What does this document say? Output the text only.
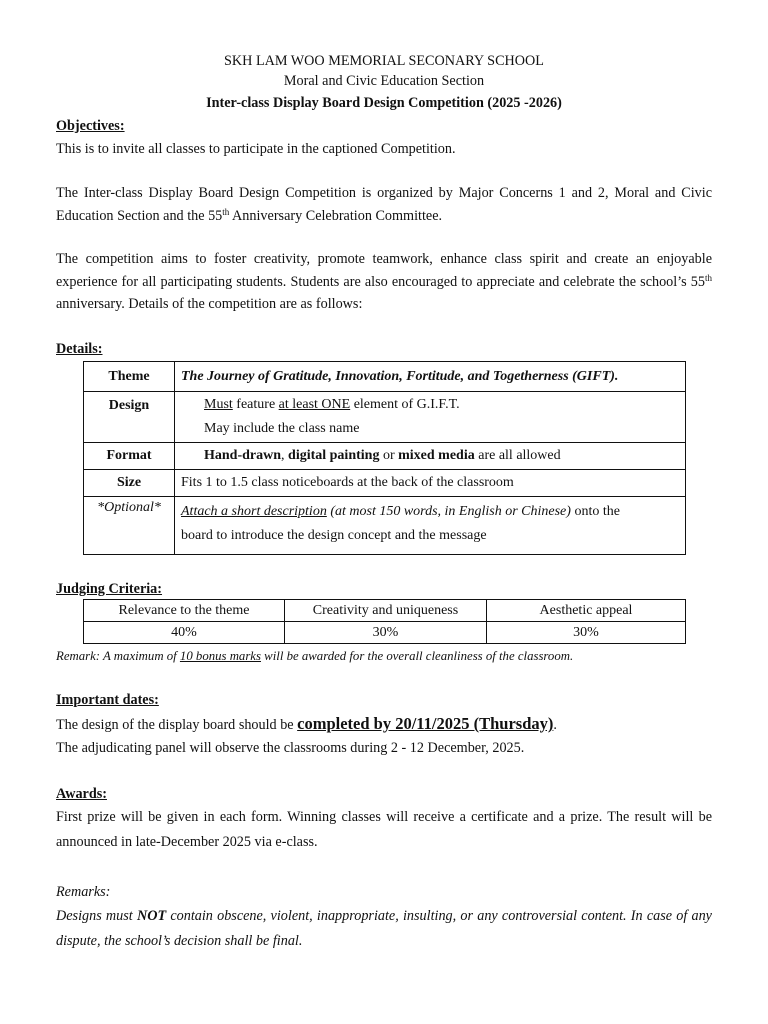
SKH LAM WOO MEMORIAL SECONARY SCHOOL
Moral and Civic Education Section
Inter-class Display Board Design Competition (2025 -2026)
Objectives:
This is to invite all classes to participate in the captioned Competition.
The Inter-class Display Board Design Competition is organized by Major Concerns 1 and 2, Moral and Civic Education Section and the 55th Anniversary Celebration Committee.
The competition aims to foster creativity, promote teamwork, enhance class spirit and create an enjoyable experience for all participating students. Students are also encouraged to appreciate and celebrate the school’s 55th anniversary. Details of the competition are as follows:
Details:
Theme	The Journey of Gratitude, Innovation, Fortitude, and Togetherness (GIFT).
Design	Must feature at least ONE element of G.I.F.T.
May include the class name

Format	Hand-drawn, digital painting or mixed media are all allowed
Size	Fits 1 to 1.5 class noticeboards at the back of the classroom
*Optional*	Attach a short description (at most 150 words, in English or Chinese) onto the
board to introduce the design concept and the message
Judging Criteria:
Relevance to the theme	Creativity and uniqueness	Aesthetic appeal
40%	30%	30%
Remark: A maximum of 10 bonus marks will be awarded for the overall cleanliness of the classroom.
Important dates:
The design of the display board should be completed by 20/11/2025 (Thursday).
The adjudicating panel will observe the classrooms during 2 - 12 December, 2025.
Awards:
First prize will be given in each form. Winning classes will receive a certificate and a prize. The result will be announced in late-December 2025 via e-class.
Remarks:
Designs must NOT contain obscene, violent, inappropriate, insulting, or any controversial content. In case of any dispute, the school’s decision shall be final.
